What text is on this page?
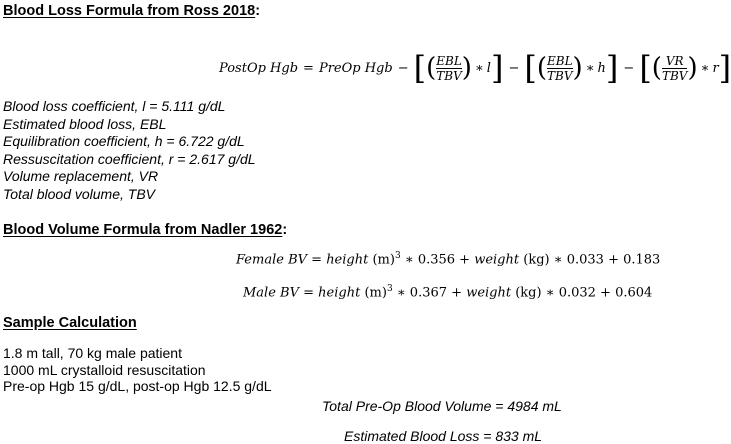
Blood Loss Formula from Ross 2018:
PostOp Hgb = PreOp Hgb − [ ( $\frac{\text{EBL}}{\text{TBV}}$ ) ∗ l ] − [ ( $\frac{\text{EBL}}{\text{TBV}}$ ) ∗ h ] − [ ( $\frac{VR}{\text{TBV}}$ ) ∗ r ]
Blood loss coefficient, l = 5.111 g/dL
Estimated blood loss, EBL
Equilibration coefficient, h = 6.722 g/dL
Ressuscitation coefficient, r = 2.617 g/dL
Volume replacement, VR
Total blood volume, TBV
Blood Volume Formula from Nadler 1962:
Female BV = height $(m)^3$ ∗ 0.356 + weight (kg) ∗ 0.033 + 0.183
Male BV = height $(m)^3$ ∗ 0.367 + weight (kg) ∗ 0.032 + 0.604
Sample Calculation
1.8 m tall, 70 kg male patient
1000 mL crystalloid resuscitation
Pre-op Hgb 15 g/dL, post-op Hgb 12.5 g/dL
Total Pre-Op Blood Volume = 4984 mL
Estimated Blood Loss = 833 mL
